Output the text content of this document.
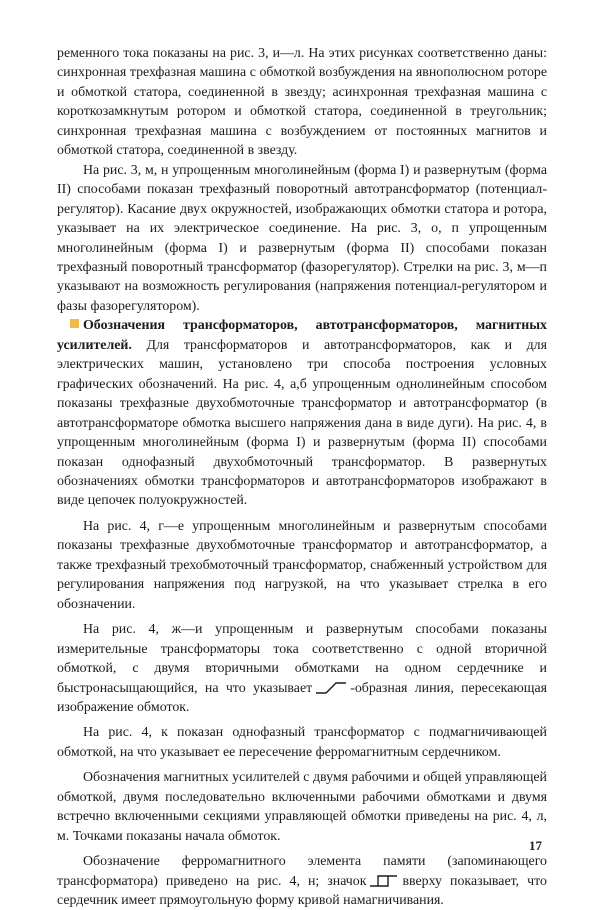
ременного тока показаны на рис. 3, и—л. На этих рисунках соответственно даны: синхронная трехфазная машина с обмоткой возбуждения на явнополюсном роторе и обмоткой статора, соединенной в звезду; асинхронная трехфазная машина с короткозамкнутым ротором и обмоткой статора, соединенной в треугольник; синхронная трехфазная машина с возбуждением от постоянных магнитов и обмоткой статора, соединенной в звезду.

На рис. 3, м, н упрощенным многолинейным (форма I) и развернутым (форма II) способами показан трехфазный поворотный автотрансформатор (потенциал-регулятор). Касание двух окружностей, изображающих обмотки статора и ротора, указывает на их электрическое соединение. На рис. 3, о, п упрощенным многолинейным (форма I) и развернутым (форма II) способами показан трехфазный поворотный трансформатор (фазорегулятор). Стрелки на рис. 3, м—п указывают на возможность регулирования (напряжения потенциал-регулятором и фазы фазорегулятором).

Обозначения трансформаторов, автотрансформаторов, магнитных усилителей. Для трансформаторов и автотрансформаторов, как и для электрических машин, установлено три способа построения условных графических обозначений. На рис. 4, а,б упрощенным однолинейным способом показаны трехфазные двухобмоточные трансформатор и автотрансформатор (в автотрансформаторе обмотка высшего напряжения дана в виде дуги). На рис. 4, в упрощенным многолинейным (форма I) и развернутым (форма II) способами показан однофазный двухобмоточный трансформатор. В развернутых обозначениях обмотки трансформаторов и автотрансформаторов изображают в виде цепочек полуокружностей.

На рис. 4, г—е упрощенным многолинейным и развернутым способами показаны трехфазные двухобмоточные трансформатор и автотрансформатор, а также трехфазный трехобмоточный трансформатор, снабженный устройством для регулирования напряжения под нагрузкой, на что указывает стрелка в его обозначении.

На рис. 4, ж—и упрощенным и развернутым способами показаны измерительные трансформаторы тока соответственно с одной вторичной обмоткой, с двумя вторичными обмотками на одном сердечнике и быстронасыщающийся, на что указывает	-образная линия, пересекающая изображение обмоток.

На рис. 4, к показан однофазный трансформатор с подмагничивающей обмоткой, на что указывает ее пересечение ферромагнитным сердечником.

Обозначения магнитных усилителей с двумя рабочими и общей управляющей обмоткой, двумя последовательно включенными рабочими обмотками и двумя встречно включенными секциями управляющей обмотки приведены на рис. 4, л, м. Точками показаны начала обмоток.

Обозначение ферромагнитного элемента памяти (запоминающего трансформатора) приведено на рис. 4, н; значок	вверху показывает, что сердечник имеет прямоугольную форму кривой намагничивания.

17
